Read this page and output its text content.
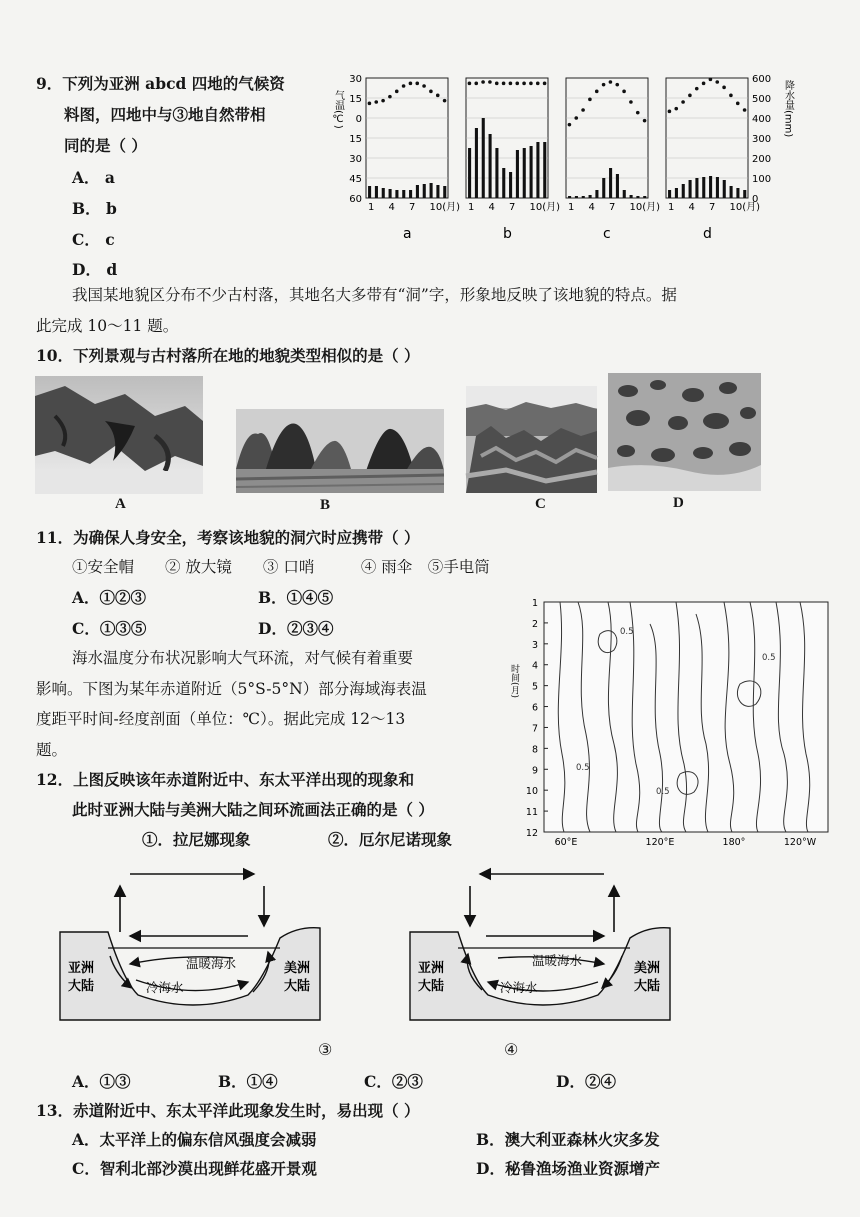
9．下列为亚洲 abcd 四地的气候资
料图，四地中与③地自然带相
同的是（ ）
A． a
B． b
C． c
D． d
气温(℃)
30
15
0
15
30
45
60
600
500
400
300
200
100
0
降水量(mm)
1 4 7 10(月)
a
1 4 7 10(月)
b
1 4 7 10(月)
c
1 4 7 10(月)
d
我国某地貌区分布不少古村落，其地名大多带有“洞”字，形象地反映了该地貌的特点。据
此完成 10～11 题。
10．下列景观与古村落所在地的地貌类型相似的是（ ）
A	B	C	D
11．为确保人身安全，考察该地貌的洞穴时应携带（ ）
①安全帽　　② 放大镜　　③ 口哨　　　④ 雨伞　⑤手电筒
A．①②③	B．①④⑤
C．①③⑤	D．②③④
海水温度分布状况影响大气环流，对气候有着重要
影响。下图为某年赤道附近（5°S-5°N）部分海域海表温
度距平时间-经度剖面（单位：℃）。据此完成 12～13
题。
时间(月)
1
2
3
4
5
6
7
8
9
10
11
12
60°E	120°E	180°	120°W
0.5
0.5
0.5
0.5
12．上图反映该年赤道附近中、东太平洋出现的现象和
此时亚洲大陆与美洲大陆之间环流画法正确的是（ ）
①．拉尼娜现象	②．厄尔尼诺现象
亚洲
大陆
美洲
大陆
温暖海水
冷海水
③
亚洲
大陆
美洲
大陆
温暖海水
冷海水
④
A．①③	B．①④	C．②③	D．②④
13．赤道附近中、东太平洋此现象发生时，易出现（ ）
A．太平洋上的偏东信风强度会减弱	B．澳大利亚森林火灾多发
C．智利北部沙漠出现鲜花盛开景观	D．秘鲁渔场渔业资源增产
